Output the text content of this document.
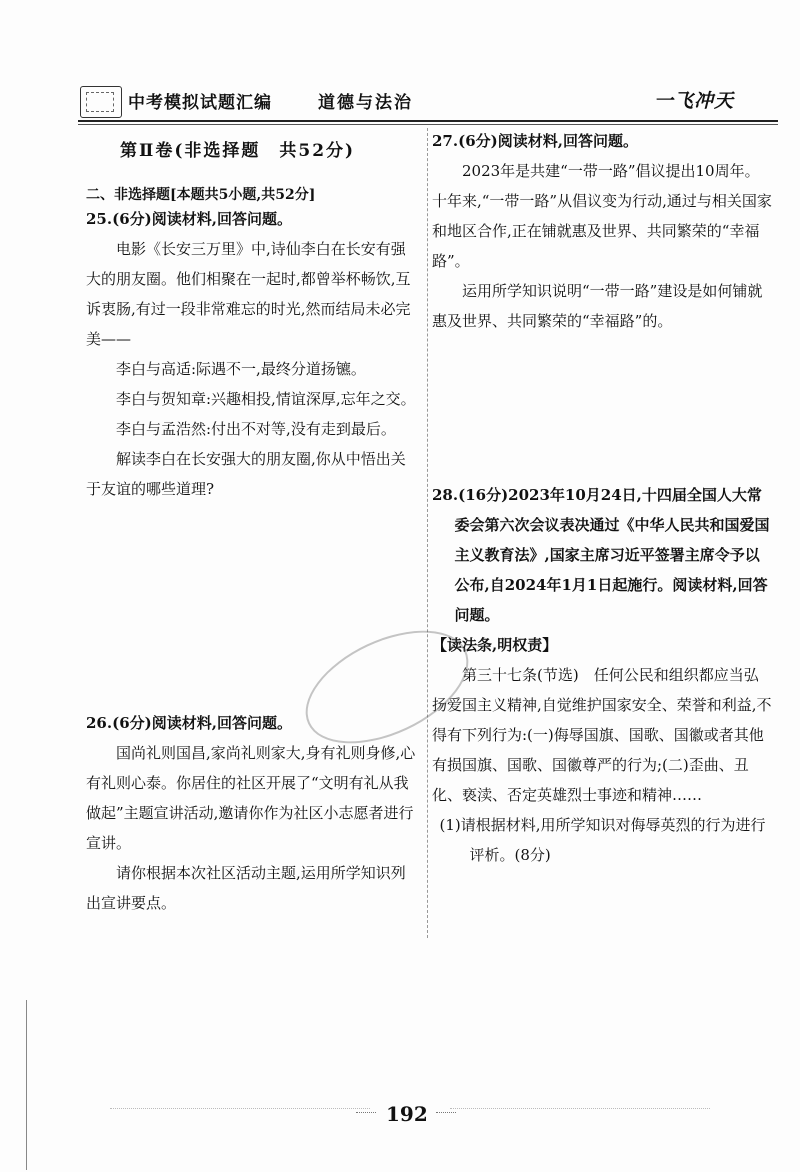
中考模拟试题汇编	道德与法治	一飞冲天
第Ⅱ卷(非选择题　共52分)
二、非选择题[本题共5小题,共52分]
25.(6分)阅读材料,回答问题。
电影《长安三万里》中,诗仙李白在长安有强大的朋友圈。他们相聚在一起时,都曾举杯畅饮,互诉衷肠,有过一段非常难忘的时光,然而结局未必完美——
李白与高适:际遇不一,最终分道扬镳。
李白与贺知章:兴趣相投,情谊深厚,忘年之交。
李白与孟浩然:付出不对等,没有走到最后。
解读李白在长安强大的朋友圈,你从中悟出关于友谊的哪些道理?
26.(6分)阅读材料,回答问题。
国尚礼则国昌,家尚礼则家大,身有礼则身修,心有礼则心泰。你居住的社区开展了“文明有礼从我做起”主题宣讲活动,邀请你作为社区小志愿者进行宣讲。
请你根据本次社区活动主题,运用所学知识列出宣讲要点。
27.(6分)阅读材料,回答问题。
2023年是共建“一带一路”倡议提出10周年。十年来,“一带一路”从倡议变为行动,通过与相关国家和地区合作,正在铺就惠及世界、共同繁荣的“幸福路”。
运用所学知识说明“一带一路”建设是如何铺就惠及世界、共同繁荣的“幸福路”的。
28.(16分)2023年10月24日,十四届全国人大常委会第六次会议表决通过《中华人民共和国爱国主义教育法》,国家主席习近平签署主席令予以公布,自2024年1月1日起施行。阅读材料,回答问题。
【读法条,明权责】
第三十七条(节选)　任何公民和组织都应当弘扬爱国主义精神,自觉维护国家安全、荣誉和利益,不得有下列行为:(一)侮辱国旗、国歌、国徽或者其他有损国旗、国歌、国徽尊严的行为;(二)歪曲、丑化、亵渎、否定英雄烈士事迹和精神……
(1)请根据材料,用所学知识对侮辱英烈的行为进行评析。(8分)
192
